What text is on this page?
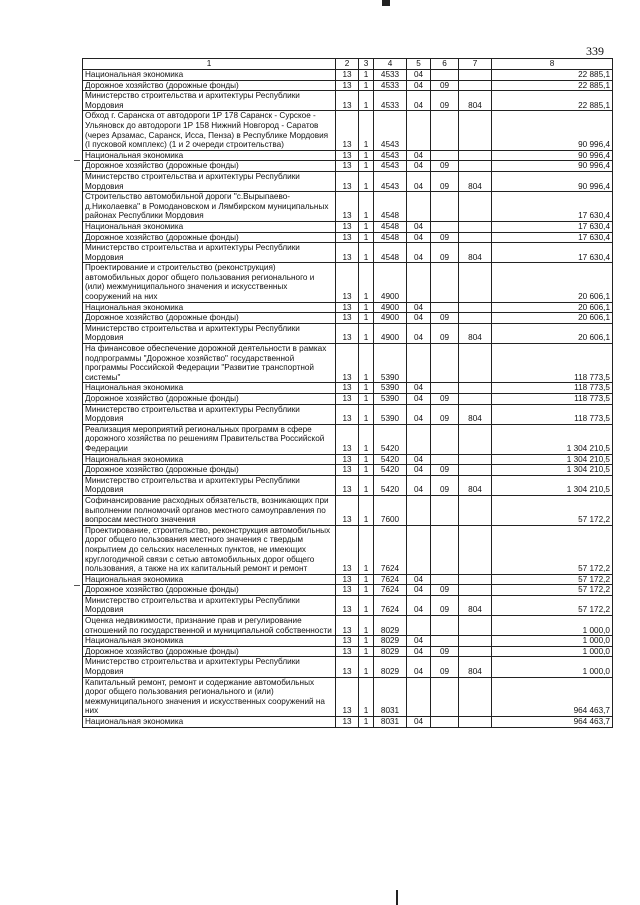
339
1	2	3	4	5	6	7	8
Национальная экономика	13	1	4533	04			22 885,1
Дорожное хозяйство (дорожные фонды)	13	1	4533	04	09		22 885,1
Министерство строительства и архитектуры Республики Мордовия	13	1	4533	04	09	804	22 885,1
Обход г. Саранска от автодороги 1Р 178 Саранск - Сурское - Ульяновск до автодороги 1Р 158 Нижний Новгород - Саратов (через Арзамас, Саранск, Исса, Пенза) в Республике Мордовия (I пусковой комплекс) (1 и 2 очереди строительства)	13	1	4543				90 996,4
Национальная экономика	13	1	4543	04			90 996,4
Дорожное хозяйство (дорожные фонды)	13	1	4543	04	09		90 996,4
Министерство строительства и архитектуры Республики Мордовия	13	1	4543	04	09	804	90 996,4
Строительство автомобильной дороги "с.Вырыпаево-д.Николаевка" в Ромодановском и Лямбирском муниципальных районах Республики Мордовия	13	1	4548				17 630,4
Национальная экономика	13	1	4548	04			17 630,4
Дорожное хозяйство (дорожные фонды)	13	1	4548	04	09		17 630,4
Министерство строительства и архитектуры Республики Мордовия	13	1	4548	04	09	804	17 630,4
Проектирование и строительство (реконструкция) автомобильных дорог общего пользования регионального и (или) межмуниципального значения и искусственных сооружений на них	13	1	4900				20 606,1
Национальная экономика	13	1	4900	04			20 606,1
Дорожное хозяйство (дорожные фонды)	13	1	4900	04	09		20 606,1
Министерство строительства и архитектуры Республики Мордовия	13	1	4900	04	09	804	20 606,1
На финансовое обеспечение дорожной деятельности в рамках подпрограммы "Дорожное хозяйство" государственной программы Российской Федерации "Развитие транспортной системы"	13	1	5390				118 773,5
Национальная экономика	13	1	5390	04			118 773,5
Дорожное хозяйство (дорожные фонды)	13	1	5390	04	09		118 773,5
Министерство строительства и архитектуры Республики Мордовия	13	1	5390	04	09	804	118 773,5
Реализация мероприятий региональных программ в сфере дорожного хозяйства по решениям Правительства Российской Федерации	13	1	5420				1 304 210,5
Национальная экономика	13	1	5420	04			1 304 210,5
Дорожное хозяйство (дорожные фонды)	13	1	5420	04	09		1 304 210,5
Министерство строительства и архитектуры Республики Мордовия	13	1	5420	04	09	804	1 304 210,5
Софинансирование расходных обязательств, возникающих при выполнении полномочий органов местного самоуправления по вопросам местного значения	13	1	7600				57 172,2
Проектирование, строительство, реконструкция автомобильных дорог общего пользования местного значения с твердым покрытием до сельских населенных пунктов, не имеющих круглогодичной связи с сетью автомобильных дорог общего пользования, а также на их капитальный ремонт и ремонт	13	1	7624				57 172,2
Национальная экономика	13	1	7624	04			57 172,2
Дорожное хозяйство (дорожные фонды)	13	1	7624	04	09		57 172,2
Министерство строительства и архитектуры Республики Мордовия	13	1	7624	04	09	804	57 172,2
Оценка недвижимости, признание прав и регулирование отношений по государственной и муниципальной собственности	13	1	8029				1 000,0
Национальная экономика	13	1	8029	04			1 000,0
Дорожное хозяйство (дорожные фонды)	13	1	8029	04	09		1 000,0
Министерство строительства и архитектуры Республики Мордовия	13	1	8029	04	09	804	1 000,0
Капитальный ремонт, ремонт и содержание автомобильных дорог общего пользования регионального и (или) межмуниципального значения и искусственных сооружений на них	13	1	8031				964 463,7
Национальная экономика	13	1	8031	04			964 463,7
